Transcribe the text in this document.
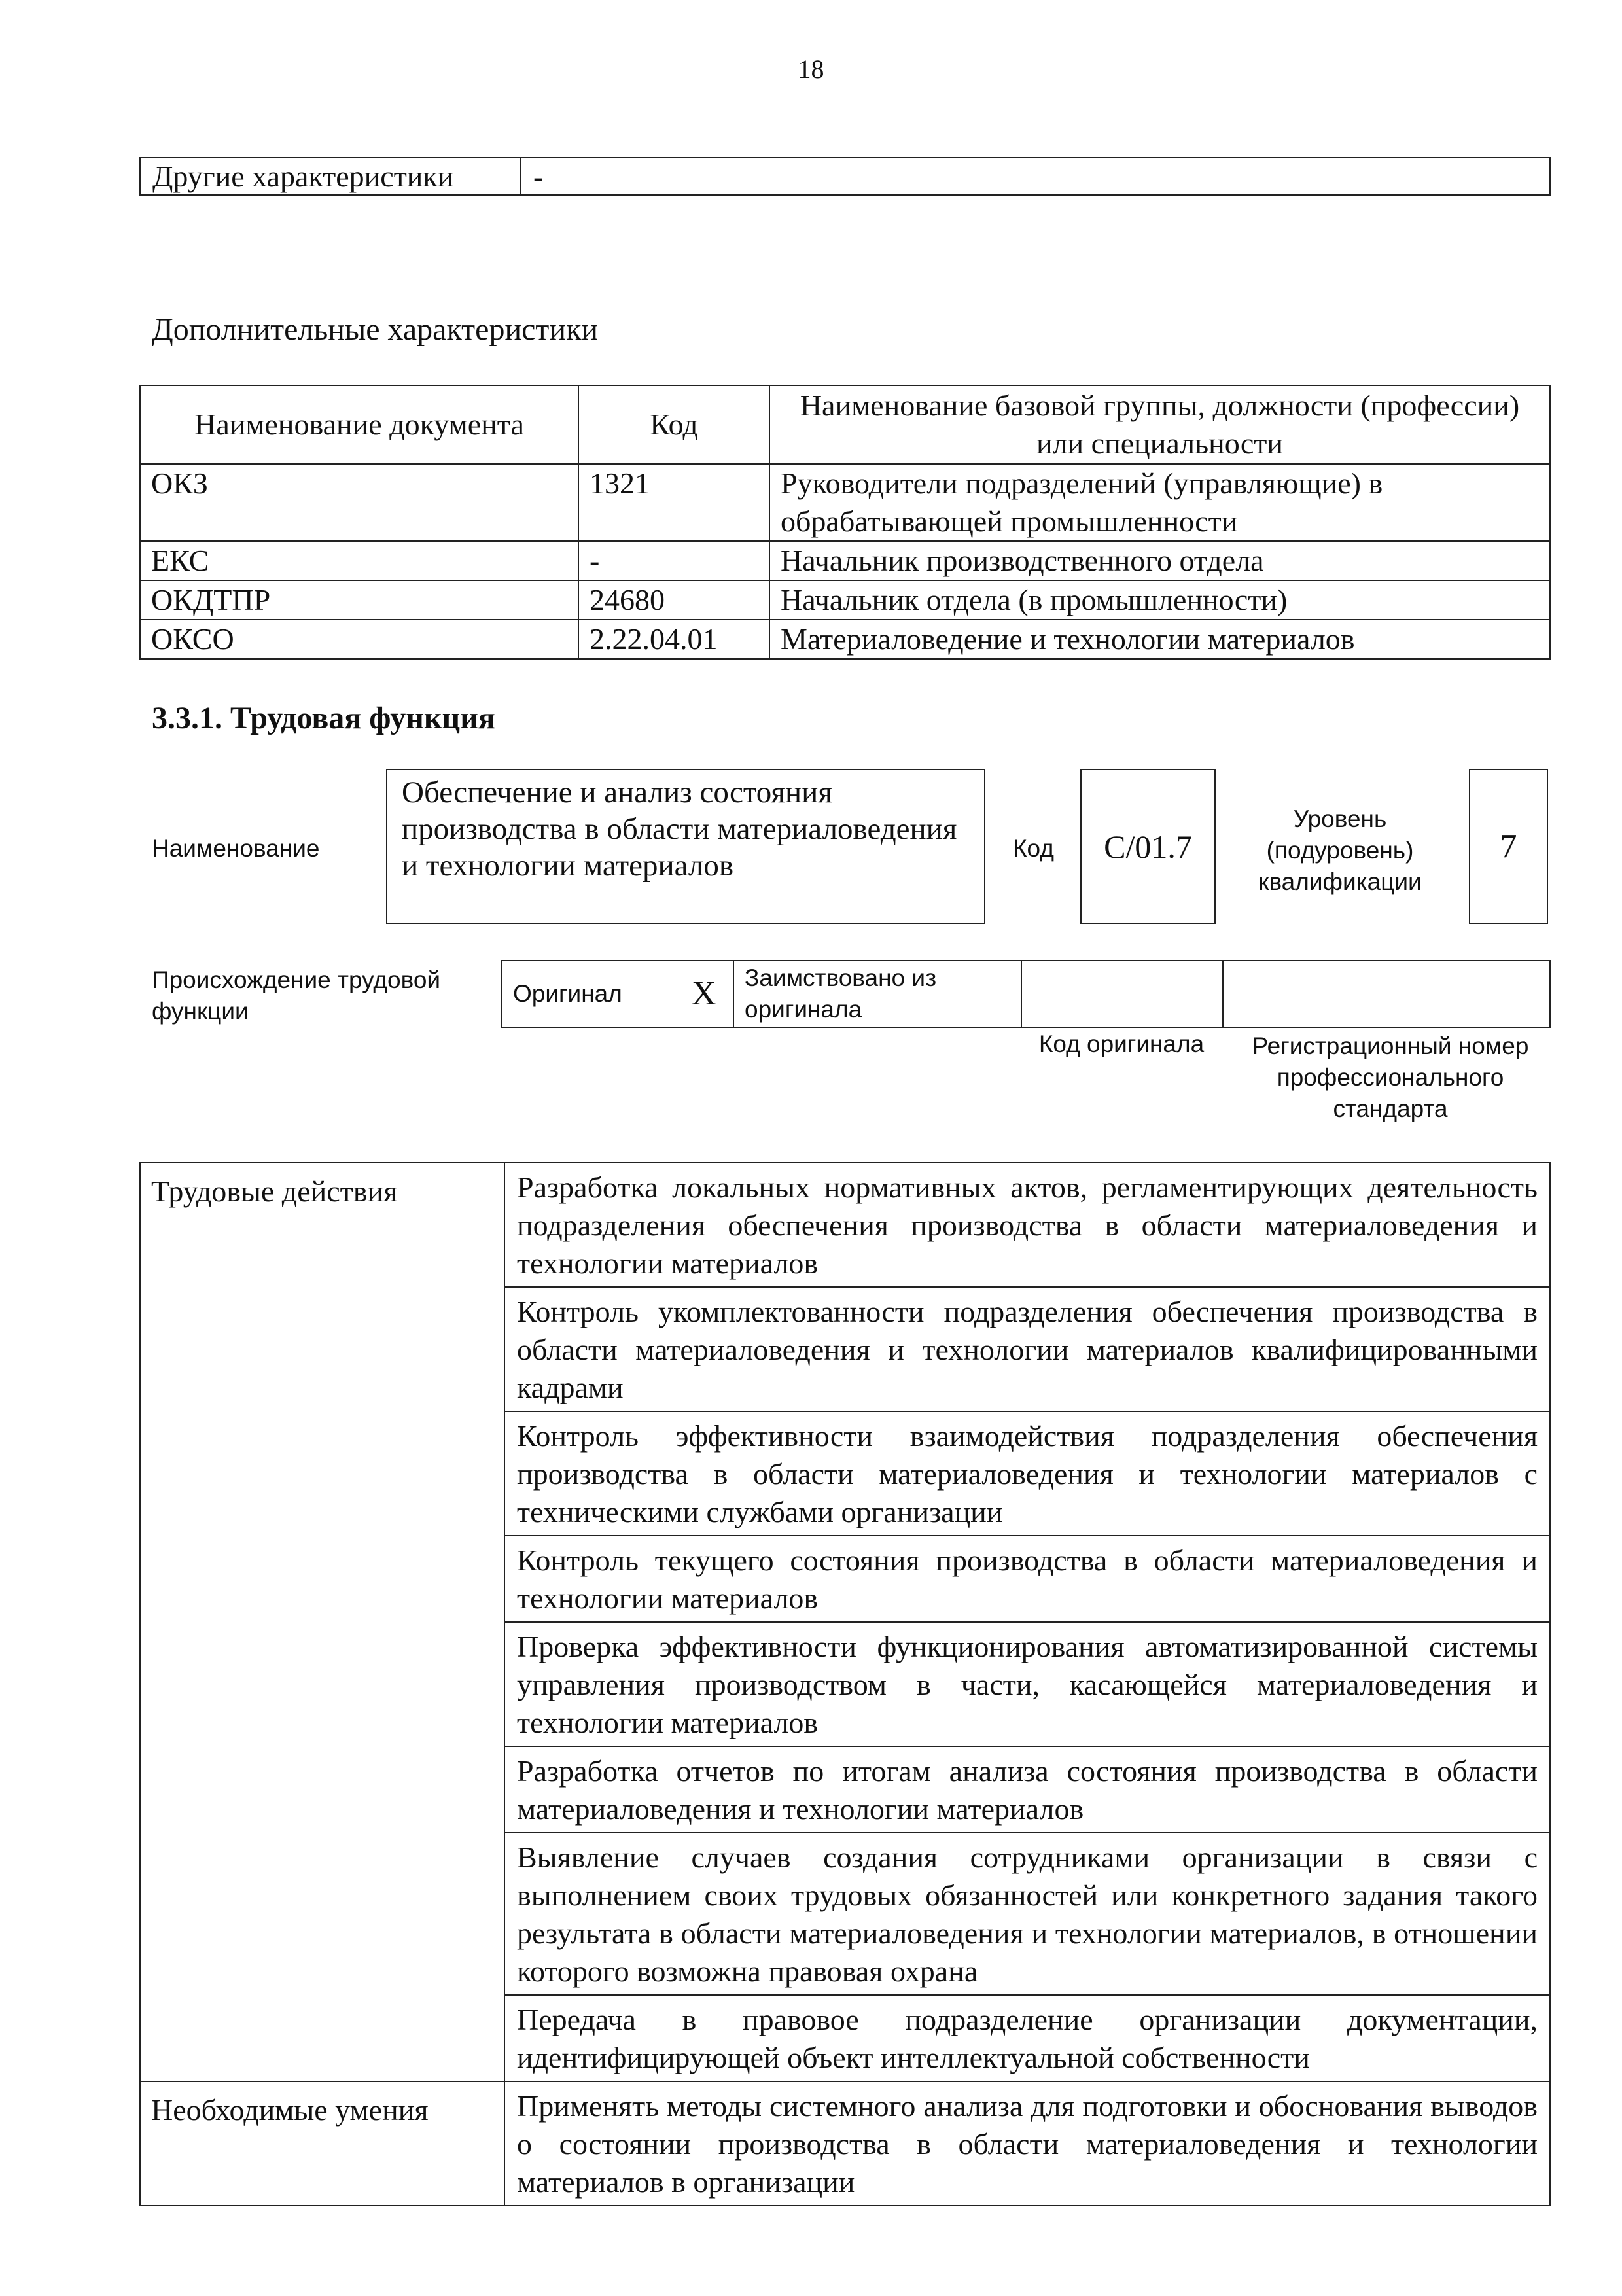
18
Другие характеристики	-
Дополнительные характеристики
Наименование документа	Код	Наименование базовой группы, должности (профессии) или специальности
ОКЗ	1321	Руководители подразделений (управляющие) в обрабатывающей промышленности
ЕКС	-	Начальник производственного отдела
ОКДТПР	24680	Начальник отдела (в промышленности)
ОКСО	2.22.04.01	Материаловедение и технологии материалов
3.3.1. Трудовая функция
Наименование
Обеспечение и анализ состояния производства в области материаловедения и технологии материалов
Код C/01.7
Уровень (подуровень) квалификации
7
Происхождение трудовой функции
Оригинал	X	Заимствовано из оригинала		
Код оригинала	Регистрационный номер профессионального стандарта
Трудовые действия	Разработка локальных нормативных актов, регламентирующих деятельность подразделения обеспечения производства в области материаловедения и технологии материалов
	Контроль укомплектованности подразделения обеспечения производства в области материаловедения и технологии материалов квалифицированными кадрами
	Контроль эффективности взаимодействия подразделения обеспечения производства в области материаловедения и технологии материалов с техническими службами организации
	Контроль текущего состояния производства в области материаловедения и технологии материалов
	Проверка эффективности функционирования автоматизированной системы управления производством в части, касающейся материаловедения и технологии материалов
	Разработка отчетов по итогам анализа состояния производства в области материаловедения и технологии материалов
	Выявление случаев создания сотрудниками организации в связи с выполнением своих трудовых обязанностей или конкретного задания такого результата в области материаловедения и технологии материалов, в отношении которого возможна правовая охрана
	Передача в правовое подразделение организации документации, идентифицирующей объект интеллектуальной собственности
Необходимые умения	Применять методы системного анализа для подготовки и обоснования выводов о состоянии производства в области материаловедения и технологии материалов в организации
